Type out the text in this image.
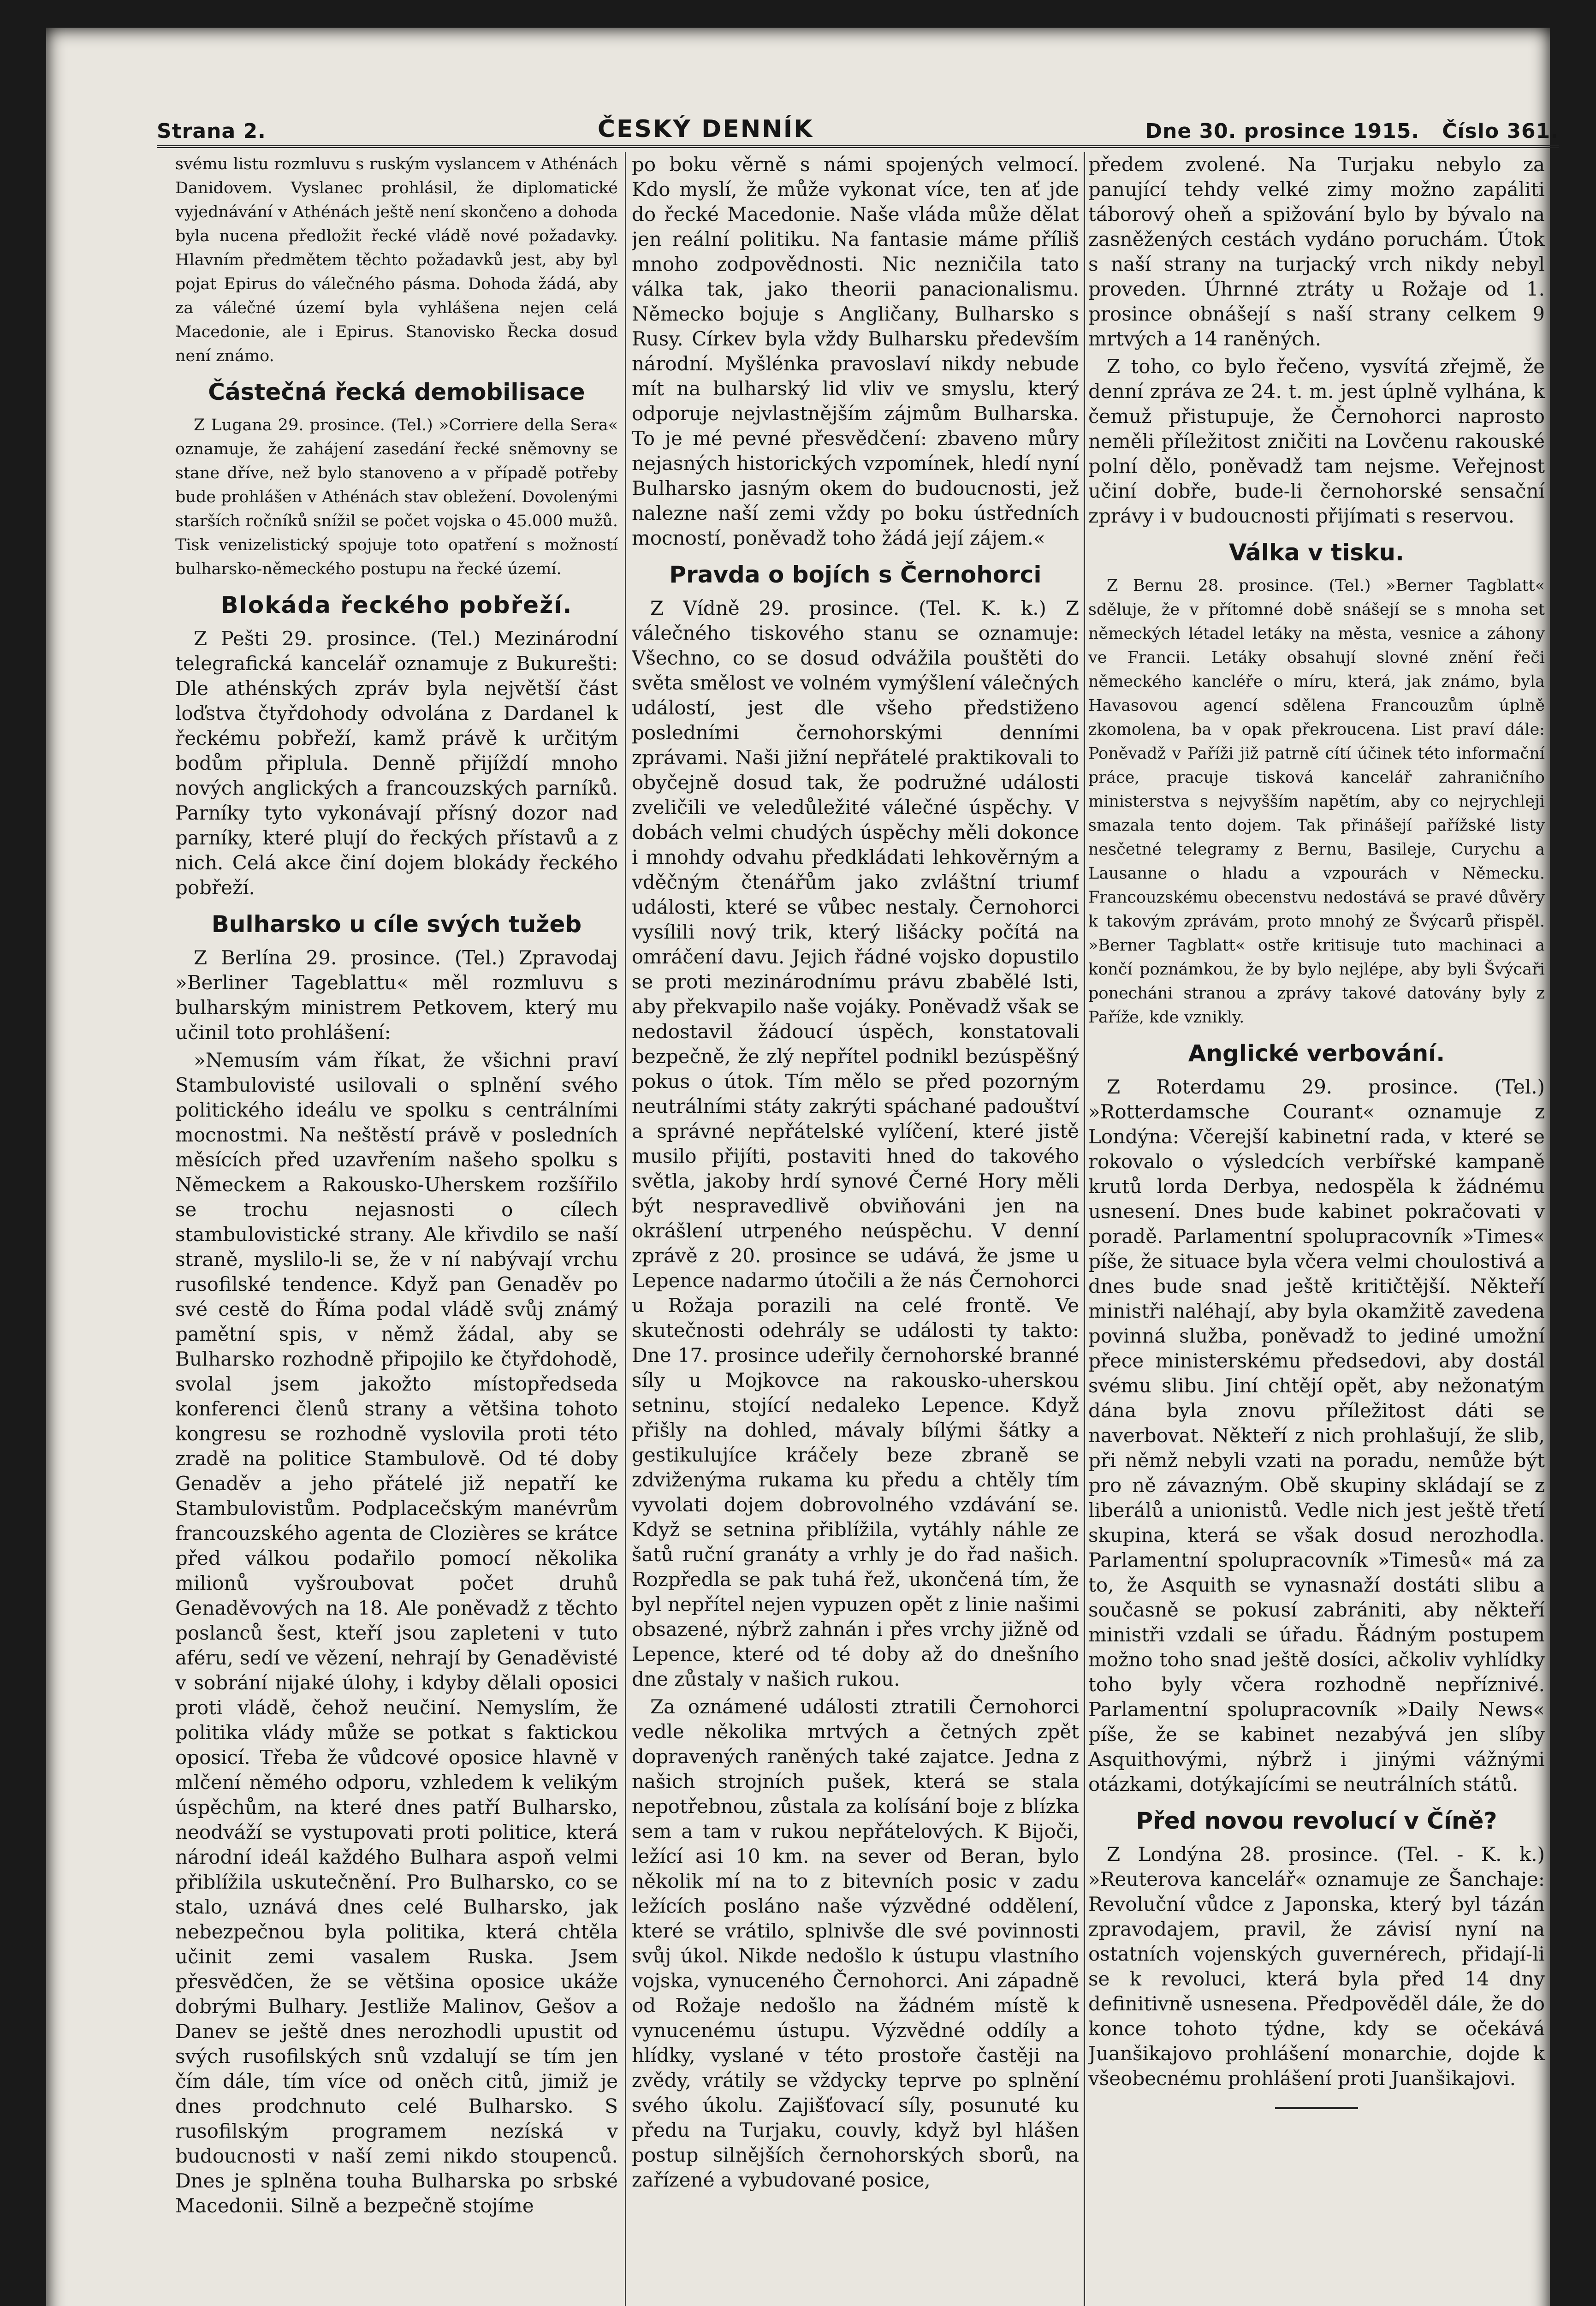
Strana 2.	ČESKÝ DENNÍK	Dne 30. prosince 1915. Číslo 361.

svému listu rozmluvu s ruským vyslancem v Athénách Danidovem. Vyslanec prohlásil, že diplomatické vyjednávání v Athénách ještě není skončeno a dohoda byla nucena předložit řecké vládě nové požadavky. Hlavním předmětem těchto požadavků jest, aby byl pojat Epirus do válečného pásma. Dohoda žádá, aby za válečné území byla vyhlášena nejen celá Macedonie, ale i Epirus. Stanovisko Řecka dosud není známo.

Částečná řecká demobilisace

Z Lugana 29. prosince. (Tel.) »Corriere della Sera« oznamuje, že zahájení zasedání řecké sněmovny se stane dříve, než bylo stanoveno a v případě potřeby bude prohlášen v Athénách stav obležení. Dovolenými starších ročníků snížil se počet vojska o 45.000 mužů. Tisk venizelistický spojuje toto opatření s možností bulharsko-německého postupu na řecké území.

Blokáda řeckého pobřeží.

Z Pešti 29. prosince. (Tel.) Mezinárodní telegrafická kancelář oznamuje z Bukurešti: Dle athénských zpráv byla největší část loďstva čtyřdohody odvolána z Dardanel k řeckému pobřeží, kamž právě k určitým bodům připlula. Denně přijíždí mnoho nových anglických a francouzských parníků. Parníky tyto vykonávají přísný dozor nad parníky, které plují do řeckých přístavů a z nich. Celá akce činí dojem blokády řeckého pobřeží.

Bulharsko u cíle svých tužeb

Z Berlína 29. prosince. (Tel.) Zpravodaj »Berliner Tageblattu« měl rozmluvu s bulharským ministrem Petkovem, který mu učinil toto prohlášení:

»Nemusím vám říkat, že všichni praví Stambulovisté usilovali o splnění svého politického ideálu ve spolku s centrálními mocnostmi. Na neštěstí právě v posledních měsících před uzavřením našeho spolku s Německem a Rakousko-Uherskem rozšířilo se trochu nejasnosti o cílech stambulovistické strany. Ale křivdilo se naší straně, myslilo-li se, že v ní nabývají vrchu rusofilské tendence. Když pan Genaděv po své cestě do Říma podal vládě svůj známý pamětní spis, v němž žádal, aby se Bulharsko rozhodně připojilo ke čtyřdohodě, svolal jsem jakožto místopředseda konferenci členů strany a většina tohoto kongresu se rozhodně vyslovila proti této zradě na politice Stambulově. Od té doby Genaděv a jeho přátelé již nepatří ke Stambulovistům. Podplacečským manévrům francouzského agenta de Clozières se krátce před válkou podařilo pomocí několika milionů vyšroubovat počet druhů Genaděvových na 18. Ale poněvadž z těchto poslanců šest, kteří jsou zapleteni v tuto aféru, sedí ve vězení, nehrají by Genaděvisté v sobrání nijaké úlohy, i kdyby dělali oposici proti vládě, čehož neučiní. Nemyslím, že politika vlády může se potkat s faktickou oposicí. Třeba že vůdcové oposice hlavně v mlčení němého odporu, vzhledem k velikým úspěchům, na které dnes patří Bulharsko, neodváží se vystupovati proti politice, která národní ideál každého Bulhara aspoň velmi přiblížila uskutečnění. Pro Bulharsko, co se stalo, uznává dnes celé Bulharsko, jak nebezpečnou byla politika, která chtěla učinit zemi vasalem Ruska. Jsem přesvědčen, že se většina oposice ukáže dobrými Bulhary. Jestliže Malinov, Gešov a Danev se ještě dnes nerozhodli upustit od svých rusofilských snů vzdalují se tím jen čím dále, tím více od oněch citů, jimiž je dnes prodchnuto celé Bulharsko. S rusofilským programem nezíská v budoucnosti v naší zemi nikdo stoupenců. Dnes je splněna touha Bulharska po srbské Macedonii. Silně a bezpečně stojíme

po boku věrně s námi spojených velmocí. Kdo myslí, že může vykonat více, ten ať jde do řecké Macedonie. Naše vláda může dělat jen reální politiku. Na fantasie máme příliš mnoho zodpovědnosti. Nic nezničila tato válka tak, jako theorii panacionalismu. Německo bojuje s Angličany, Bulharsko s Rusy. Církev byla vždy Bulharsku především národní. Myšlénka pravoslaví nikdy nebude mít na bulharský lid vliv ve smyslu, který odporuje nejvlastnějším zájmům Bulharska. To je mé pevné přesvědčení: zbaveno můry nejasných historických vzpomínek, hledí nyní Bulharsko jasným okem do budoucnosti, jež nalezne naší zemi vždy po boku ústředních mocností, poněvadž toho žádá její zájem.«

Pravda o bojích s Černohorci

Z Vídně 29. prosince. (Tel. K. k.) Z válečného tiskového stanu se oznamuje: Všechno, co se dosud odvážila pouštěti do světa smělost ve volném vymýšlení válečných událostí, jest dle všeho předstiženo posledními černohorskými denními zprávami. Naši jižní nepřátelé praktikovali to obyčejně dosud tak, že podružné události zveličili ve veledůležité válečné úspěchy. V dobách velmi chudých úspěchy měli dokonce i mnohdy odvahu předkládati lehkověrným a vděčným čtenářům jako zvláštní triumf události, které se vůbec nestaly. Černohorci vysílili nový trik, který lišácky počítá na omráčení davu. Jejich řádné vojsko dopustilo se proti mezinárodnímu právu zbabělé lsti, aby překvapilo naše vojáky. Poněvadž však se nedostavil žádoucí úspěch, konstatovali bezpečně, že zlý nepřítel podnikl bezúspěšný pokus o útok. Tím mělo se před pozorným neutrálními státy zakrýti spáchané padouštví a správné nepřátelské vylíčení, které jistě musilo přijíti, postaviti hned do takového světla, jakoby hrdí synové Černé Hory měli být nespravedlivě obviňováni jen na okrášlení utrpeného neúspěchu. V denní zprávě z 20. prosince se udává, že jsme u Lepence nadarmo útočili a že nás Černohorci u Rožaja porazili na celé frontě. Ve skutečnosti odehrály se události ty takto: Dne 17. prosince udeřily černohorské branné síly u Mojkovce na rakousko-uherskou setninu, stojící nedaleko Lepence. Když přišly na dohled, mávaly bílými šátky a gestikulujíce kráčely beze zbraně se zdviženýma rukama ku předu a chtěly tím vyvolati dojem dobrovolného vzdávání se. Když se setnina přiblížila, vytáhly náhle ze šatů ruční granáty a vrhly je do řad našich. Rozpředla se pak tuhá řež, ukončená tím, že byl nepřítel nejen vypuzen opět z linie našimi obsazené, nýbrž zahnán i přes vrchy jižně od Lepence, které od té doby až do dnešního dne zůstaly v našich rukou.

Za oznámené události ztratili Černohorci vedle několika mrtvých a četných zpět dopravených raněných také zajatce. Jedna z našich strojních pušek, která se stala nepotřebnou, zůstala za kolísání boje z blízka sem a tam v rukou nepřátelových. K Bijoči, ležící asi 10 km. na sever od Beran, bylo několik mí na to z bitevních posic v zadu ležících posláno naše výzvědné oddělení, které se vrátilo, splnivše dle své povinnosti svůj úkol. Nikde nedošlo k ústupu vlastního vojska, vynuceného Černohorci. Ani západně od Rožaje nedošlo na žádném místě k vynucenému ústupu. Výzvědné oddíly a hlídky, vyslané v této prostoře častěji na zvědy, vrátily se vždycky teprve po splnění svého úkolu. Zajišťovací síly, posunuté ku předu na Turjaku, couvly, když byl hlášen postup silnějších černohorských sborů, na zařízené a vybudované posice,

předem zvolené. Na Turjaku nebylo za panující tehdy velké zimy možno zapáliti táborový oheň a spižování bylo by bývalo na zasněžených cestách vydáno poruchám. Útok s naší strany na turjacký vrch nikdy nebyl proveden. Úhrnné ztráty u Rožaje od 1. prosince obnášejí s naší strany celkem 9 mrtvých a 14 raněných.

Z toho, co bylo řečeno, vysvítá zřejmě, že denní zpráva ze 24. t. m. jest úplně vylhána, k čemuž přistupuje, že Černohorci naprosto neměli příležitost zničiti na Lovčenu rakouské polní dělo, poněvadž tam nejsme. Veřejnost učiní dobře, bude-li černohorské sensační zprávy i v budoucnosti přijímati s reservou.

Válka v tisku.

Z Bernu 28. prosince. (Tel.) »Berner Tagblatt« sděluje, že v přítomné době snášejí se s mnoha set německých létadel letáky na města, vesnice a záhony ve Francii. Letáky obsahují slovné znění řeči německého kancléře o míru, která, jak známo, byla Havasovou agencí sdělena Francouzům úplně zkomolena, ba v opak překroucena. List praví dále: Poněvadž v Paříži již patrně cítí účinek této informační práce, pracuje tisková kancelář zahraničního ministerstva s nejvyšším napětím, aby co nejrychleji smazala tento dojem. Tak přinášejí pařížské listy nesčetné telegramy z Bernu, Basileje, Curychu a Lausanne o hladu a vzpourách v Německu. Francouzskému obecenstvu nedostává se pravé důvěry k takovým zprávám, proto mnohý ze Švýcarů přispěl. »Berner Tagblatt« ostře kritisuje tuto machinaci a končí poznámkou, že by bylo nejlépe, aby byli Švýcaři ponecháni stranou a zprávy takové datovány byly z Paříže, kde vznikly.

Anglické verbování.

Z Roterdamu 29. prosince. (Tel.) »Rotterdamsche Courant« oznamuje z Londýna: Včerejší kabinetní rada, v které se rokovalo o výsledcích verbířské kampaně krutů lorda Derbya, nedospěla k žádnému usnesení. Dnes bude kabinet pokračovati v poradě. Parlamentní spolupracovník »Times« píše, že situace byla včera velmi choulostivá a dnes bude snad ještě kritičtější. Někteří ministři naléhají, aby byla okamžitě zavedena povinná služba, poněvadž to jediné umožní přece ministerskému předsedovi, aby dostál svému slibu. Jiní chtějí opět, aby nežonatým dána byla znovu příležitost dáti se naverbovat. Někteří z nich prohlašují, že slib, při němž nebyli vzati na poradu, nemůže být pro ně závazným. Obě skupiny skládají se z liberálů a unionistů. Vedle nich jest ještě třetí skupina, která se však dosud nerozhodla. Parlamentní spolupracovník »Timesů« má za to, že Asquith se vynasnaží dostáti slibu a současně se pokusí zabrániti, aby někteří ministři vzdali se úřadu. Řádným postupem možno toho snad ještě dosíci, ačkoliv vyhlídky toho byly včera rozhodně nepříznivé. Parlamentní spolupracovník »Daily News« píše, že se kabinet nezabývá jen slíby Asquithovými, nýbrž i jinými vážnými otázkami, dotýkajícími se neutrálních států.

Před novou revolucí v Číně?

Z Londýna 28. prosince. (Tel. - K. k.) »Reuterova kancelář« oznamuje ze Šanchaje: Revoluční vůdce z Japonska, který byl tázán zpravodajem, pravil, že závisí nyní na ostatních vojenských guvernérech, přidají-li se k revoluci, která byla před 14 dny definitivně usnesena. Předpověděl dále, že do konce tohoto týdne, kdy se očekává Juanšikajovo prohlášení monarchie, dojde k všeobecnému prohlášení proti Juanšikajovi.
